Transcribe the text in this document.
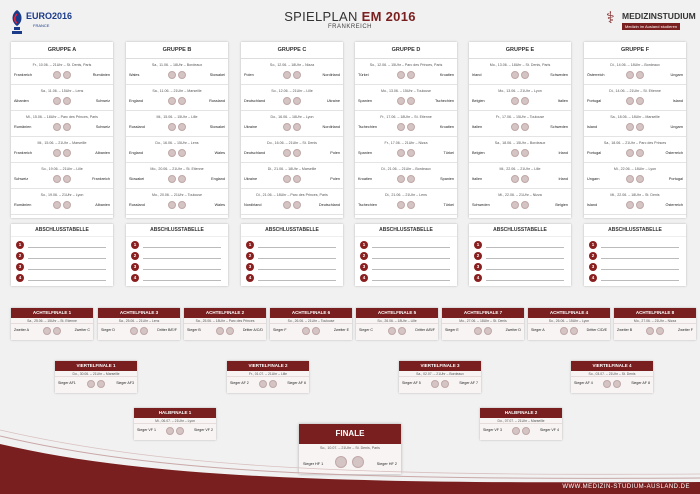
EURO2016
FRANCE
SPIELPLAN EM 2016
FRANKREICH	⚕ MEDIZINSTUDIUM
Medizin im Ausland studieren
GRUPPE A
Fr., 10.06. – 21Uhr – St. Denis, Paris
Frankreich	Rumänien
Sa., 11.06. – 15Uhr – Lens
Albanien	Schweiz
Mi., 15.06. – 18Uhr – Parc des Princes, Paris
Rumänien	Schweiz
Mi., 15.06. – 21Uhr – Marseille
Frankreich	Albanien
So., 19.06. – 21Uhr – Lille
Schweiz	Frankreich
So., 19.06. – 21Uhr – Lyon
Rumänien	Albanien
GRUPPE B
Sa., 11.06. – 18Uhr – Bordeaux
Wales	Slowakei
Sa., 11.06. – 21Uhr – Marseille
England	Russland
Mi., 15.06. – 15Uhr – Lille
Russland	Slowakei
Do., 16.06. – 15Uhr – Lens
England	Wales
Mo., 20.06. – 21Uhr – St. Etienne
Slowakei	England
Mo., 20.06. – 21Uhr – Toulouse
Russland	Wales
GRUPPE C
So., 12.06. – 18Uhr – Nizza
Polen	Nordirland
So., 12.06. – 21Uhr – Lille
Deutschland	Ukraine
Do., 16.06. – 18Uhr – Lyon
Ukraine	Nordirland
Do., 16.06. – 21Uhr – St. Denis
Deutschland	Polen
Di., 21.06. – 18Uhr – Marseille
Ukraine	Polen
Di., 21.06. – 18Uhr – Parc des Princes, Paris
Nordirland	Deutschland
GRUPPE D
So., 12.06. – 15Uhr – Parc des Princes, Paris
Türkei	Kroatien
Mo., 13.06. – 15Uhr – Toulouse
Spanien	Tschechien
Fr., 17.06. – 18Uhr – St. Etienne
Tschechien	Kroatien
Fr., 17.06. – 21Uhr – Nizza
Spanien	Türkei
Di., 21.06. – 21Uhr – Bordeaux
Kroatien	Spanien
Di., 21.06. – 21Uhr – Lens
Tschechien	Türkei
GRUPPE E
Mo., 13.06. – 18Uhr – St. Denis, Paris
Irland	Schweden
Mo., 13.06. – 21Uhr – Lyon
Belgien	Italien
Fr., 17.06. – 15Uhr – Toulouse
Italien	Schweden
Sa., 18.06. – 15Uhr – Bordeaux
Belgien	Irland
Mi., 22.06. – 21Uhr – Lille
Italien	Irland
Mi., 22.06. – 21Uhr – Nizza
Schweden	Belgien
GRUPPE F
Di., 14.06. – 18Uhr – Bordeaux
Österreich	Ungarn
Di., 14.06. – 21Uhr – St. Etienne
Portugal	Island
Sa., 18.06. – 18Uhr – Marseille
Island	Ungarn
Sa., 18.06. – 21Uhr – Parc des Princes
Portugal	Österreich
Mi., 22.06. – 18Uhr – Lyon
Ungarn	Portugal
Mi., 22.06. – 18Uhr – St. Denis
Island	Österreich
ABSCHLUSSTABELLE
1
2
3
4
ABSCHLUSSTABELLE
1
2
3
4
ABSCHLUSSTABELLE
1
2
3
4
ABSCHLUSSTABELLE
1
2
3
4
ABSCHLUSSTABELLE
1
2
3
4
ABSCHLUSSTABELLE
1
2
3
4
ACHTELFINALE 1
Sa., 25.06. – 15Uhr – St. Etienne
Zweiter A	Zweiter C
ACHTELFINALE 3
Sa., 25.06. – 21Uhr – Lens
Sieger D	Dritter B/E/F
ACHTELFINALE 2
Sa., 25.06. – 18Uhr – Parc des Princes
Sieger B	Dritter A/C/D
ACHTELFINALE 6
So., 26.06. – 21Uhr – Toulouse
Sieger F	Zweiter E
ACHTELFINALE 5
So., 26.06. – 18Uhr – Lille
Sieger C	Dritter A/B/F
ACHTELFINALE 7
Mo., 27.06. – 18Uhr – St. Denis
Sieger E	Zweiter D
ACHTELFINALE 4
So., 26.06. – 15Uhr – Lyon
Sieger A	Dritter C/D/E
ACHTELFINALE 8
Mo., 27.06. – 21Uhr – Nizza
Zweiter B	Zweiter F
VIERTELFINALE 1
Do., 30.06. – 21Uhr – Marseille
Sieger AF1	Sieger AF3
VIERTELFINALE 2
Fr., 01.07. – 21Uhr – Lille
Sieger AF 2	Sieger AF 6
VIERTELFINALE 3
Sa., 02.07. – 21Uhr – Bordeaux
Sieger AF 5	Sieger AF 7
VIERTELFINALE 4
So., 03.07. – 21Uhr – St. Denis
Sieger AF 4	Sieger AF 8
HALBFINALE 1
Mi., 06.07. – 21Uhr – Lyon
Sieger VF 1	Sieger VF 2
HALBFINALE 2
Do., 07.07. – 21Uhr – Marseille
Sieger VF 3	Sieger VF 4
FINALE
So., 10.07. – 21Uhr – St. Denis, Paris
Sieger HF 1	Sieger HF 2
WWW.MEDIZIN-STUDIUM-AUSLAND.DE
